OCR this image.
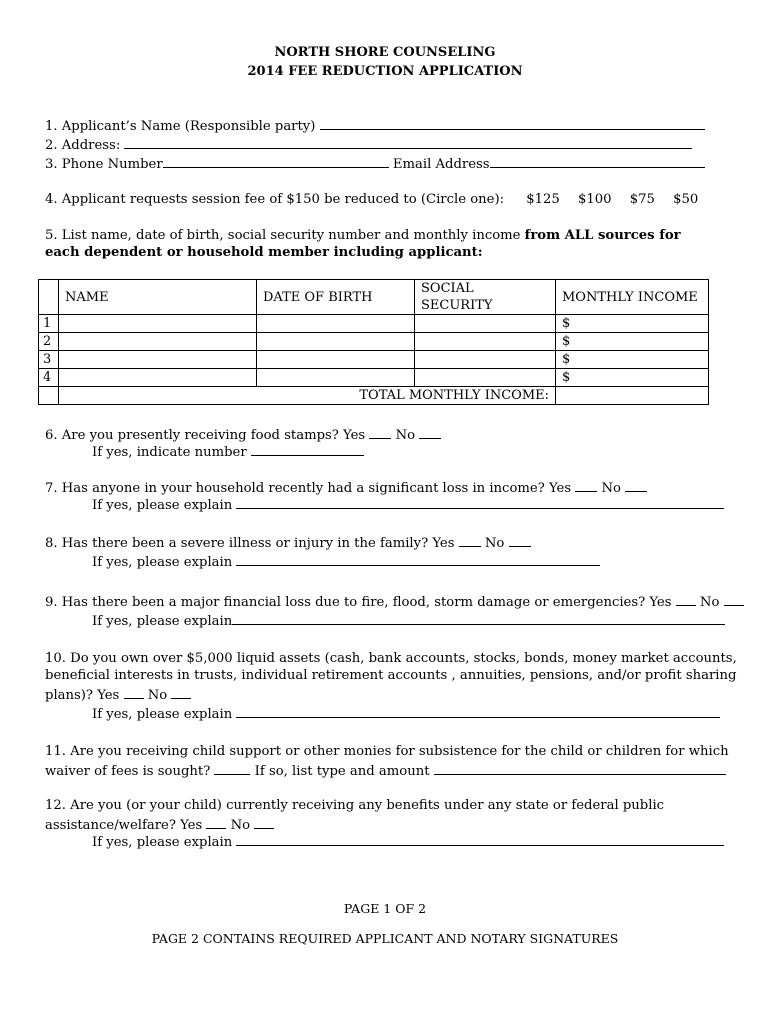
NORTH SHORE COUNSELING
2014 FEE REDUCTION APPLICATION
1. Applicant’s Name (Responsible party)
2. Address:
3. Phone Number	Email Address
4. Applicant requests session fee of $150 be reduced to (Circle one): $125 $100 $75 $50
5. List name, date of birth, social security number and monthly income from ALL sources for
each dependent or household member including applicant:
	NAME	DATE OF BIRTH	SOCIAL SECURITY	MONTHLY INCOME
1				$
2				$
3				$
4				$
	TOTAL MONTHLY INCOME:			
6. Are you presently receiving food stamps? Yes No
If yes, indicate number
7. Has anyone in your household recently had a significant loss in income? Yes No
If yes, please explain
8. Has there been a severe illness or injury in the family? Yes No
If yes, please explain
9. Has there been a major financial loss due to fire, flood, storm damage or emergencies? Yes No
If yes, please explain
10. Do you own over $5,000 liquid assets (cash, bank accounts, stocks, bonds, money market accounts,
beneficial interests in trusts, individual retirement accounts , annuities, pensions, and/or profit sharing
plans)? Yes No
If yes, please explain
11. Are you receiving child support or other monies for subsistence for the child or children for which
waiver of fees is sought?	If so, list type and amount
12. Are you (or your child) currently receiving any benefits under any state or federal public
assistance/welfare? Yes No
If yes, please explain
PAGE 1 OF 2
PAGE 2 CONTAINS REQUIRED APPLICANT AND NOTARY SIGNATURES
